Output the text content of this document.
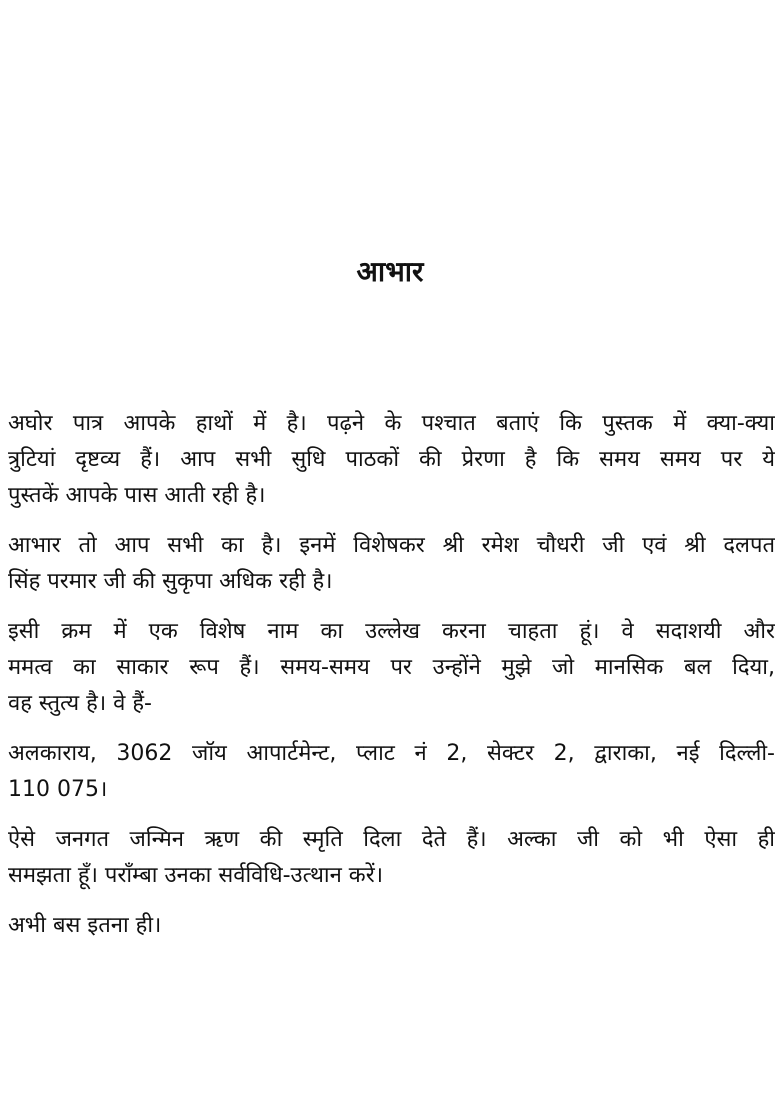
आभार
अघोर पात्र आपके हाथों में है। पढ़ने के पश्चात बताएं कि पुस्तक में क्या-क्या
त्रुटियां दृष्टव्य हैं। आप सभी सुधि पाठकों की प्रेरणा है कि समय समय पर ये
पुस्तकें आपके पास आती रही है।
आभार तो आप सभी का है। इनमें विशेषकर श्री रमेश चौधरी जी एवं श्री दलपत
सिंह परमार जी की सुकृपा अधिक रही है।
इसी क्रम में एक विशेष नाम का उल्लेख करना चाहता हूं। वे सदाशयी और
ममत्व का साकार रूप हैं। समय-समय पर उन्होंने मुझे जो मानसिक बल दिया,
वह स्तुत्य है। वे हैं-
अलकाराय, 3062 जॉय आपार्टमेन्ट, प्लाट नं 2, सेक्टर 2, द्वाराका, नई दिल्ली-
110 075।
ऐसे जनगत जन्मिन ऋण की स्मृति दिला देते हैं। अल्का जी को भी ऐसा ही
समझता हूँ। पराँम्बा उनका सर्वविधि-उत्थान करें।
अभी बस इतना ही।
